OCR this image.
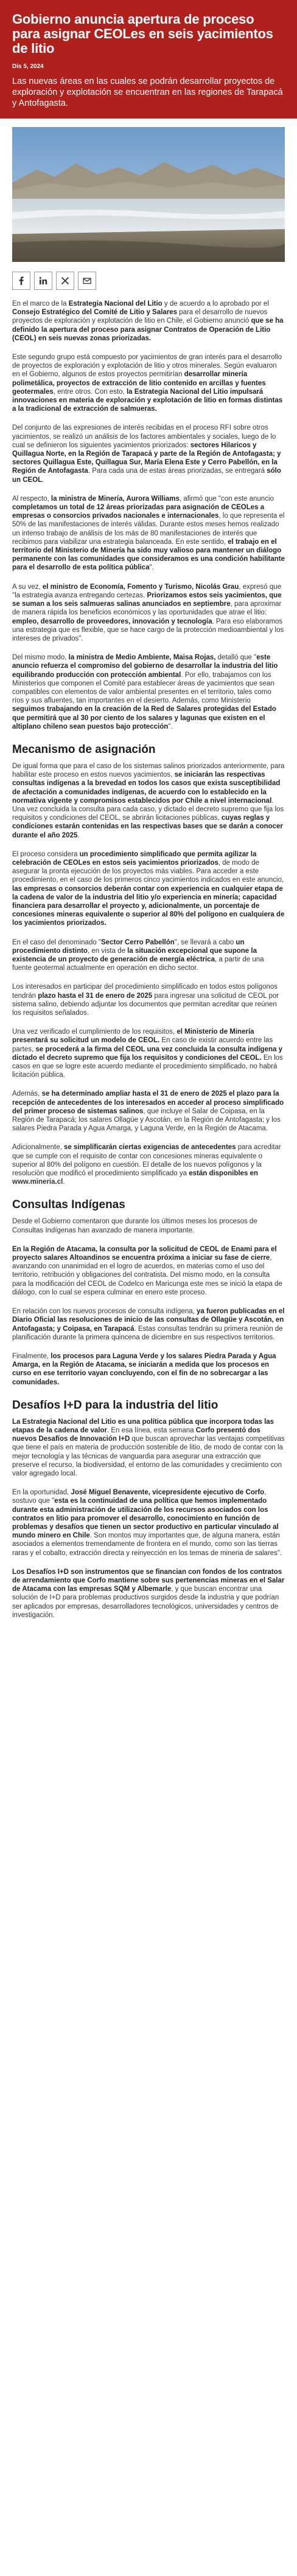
Gobierno anuncia apertura de proceso para asignar CEOLes en seis yacimientos de litio
Dis 5, 2024

Las nuevas áreas en las cuales se podrán desarrollar proyectos de exploración y explotación se encuentran en las regiones de Tarapacá y Antofagasta.

En el marco de la Estrategia Nacional del Litio y de acuerdo a lo aprobado por el Consejo Estratégico del Comité de Litio y Salares para el desarrollo de nuevos proyectos de exploración y explotación de litio en Chile, el Gobierno anunció que se ha definido la apertura del proceso para asignar Contratos de Operación de Litio (CEOL) en seis nuevas zonas priorizadas.

Este segundo grupo está compuesto por yacimientos de gran interés para el desarrollo de proyectos de exploración y explotación de litio y otros minerales. Según evaluaron en el Gobierno, algunos de estos proyectos permitirían desarrollar minería polimetálica, proyectos de extracción de litio contenido en arcillas y fuentes geotermales, entre otros. Con esto, la Estrategia Nacional del Litio impulsará innovaciones en materia de exploración y explotación de litio en formas distintas a la tradicional de extracción de salmueras.

Del conjunto de las expresiones de interés recibidas en el proceso RFI sobre otros yacimientos, se realizó un análisis de los factores ambientales y sociales, luego de lo cual se definieron los siguientes yacimientos priorizados: sectores Hilaricos y Quillagua Norte, en la Región de Tarapacá y parte de la Región de Antofagasta; y sectores Quillagua Este, Quillagua Sur, María Elena Este y Cerro Pabellón, en la Región de Antofagasta. Para cada una de estas áreas priorizadas, se entregará sólo un CEOL.

Al respecto, la ministra de Minería, Aurora Williams, afirmó que "con este anuncio completamos un total de 12 áreas priorizadas para asignación de CEOLes a empresas o consorcios privados nacionales e internacionales, lo que representa el 50% de las manifestaciones de interés válidas. Durante estos meses hemos realizado un intenso trabajo de análisis de los más de 80 manifestaciones de interés que recibimos para viabilizar una estrategia balanceada. En este sentido, el trabajo en el territorio del Ministerio de Minería ha sido muy valioso para mantener un diálogo permanente con las comunidades que consideramos es una condición habilitante para el desarrollo de esta política pública".

A su vez, el ministro de Economía, Fomento y Turismo, Nicolás Grau, expresó que "la estrategia avanza entregando certezas. Priorizamos estos seis yacimientos, que se suman a los seis salmueras salinas anunciados en septiembre, para aproximar de manera rápida los beneficios económicos y las oportunidades que atrae el litio: empleo, desarrollo de proveedores, innovación y tecnología. Para eso elaboramos una estrategia que es flexible, que se hace cargo de la protección medioambiental y los intereses de privados".

Del mismo modo, la ministra de Medio Ambiente, Maisa Rojas, detalló que "este anuncio refuerza el compromiso del gobierno de desarrollar la industria del litio equilibrando producción con protección ambiental. Por ello, trabajamos con los Ministerios que componen el Comité para establecer áreas de yacimientos que sean compatibles con elementos de valor ambiental presentes en el territorio, tales como ríos y sus afluentes, tan importantes en el desierto. Además, como Ministerio seguimos trabajando en la creación de la Red de Salares protegidas del Estado que permitirá que al 30 por ciento de los salares y lagunas que existen en el altiplano chileno sean puestos bajo protección".

Mecanismo de asignación

De igual forma que para el caso de los sistemas salinos priorizados anteriormente, para habilitar este proceso en estos nuevos yacimientos, se iniciarán las respectivas consultas indígenas a la brevedad en todos los casos que exista susceptibilidad de afectación a comunidades indígenas, de acuerdo con lo establecido en la normativa vigente y compromisos establecidos por Chile a nivel internacional. Una vez concluida la consulta para cada caso, y dictado el decreto supremo que fija los requisitos y condiciones del CEOL, se abrirán licitaciones públicas, cuyas reglas y condiciones estarán contenidas en las respectivas bases que se darán a conocer durante el año 2025.

El proceso considera un procedimiento simplificado que permita agilizar la celebración de CEOLes en estos seis yacimientos priorizados, de modo de asegurar la pronta ejecución de los proyectos más viables. Para acceder a este procedimiento, en el caso de los primeros cinco yacimientos indicados en este anuncio, las empresas o consorcios deberán contar con experiencia en cualquier etapa de la cadena de valor de la industria del litio y/o experiencia en minería; capacidad financiera para desarrollar el proyecto y, adicionalmente, un porcentaje de concesiones mineras equivalente o superior al 80% del polígono en cualquiera de los yacimientos priorizados.

En el caso del denominado "Sector Cerro Pabellón", se llevará a cabo un procedimiento distinto, en vista de la situación excepcional que supone la existencia de un proyecto de generación de energía eléctrica, a partir de una fuente geotermal actualmente en operación en dicho sector.

Los interesados en participar del procedimiento simplificado en todos estos polígonos tendrán plazo hasta el 31 de enero de 2025 para ingresar una solicitud de CEOL por sistema salino, debiendo adjuntar los documentos que permitan acreditar que reúnen los requisitos señalados.

Una vez verificado el cumplimiento de los requisitos, el Ministerio de Minería presentará su solicitud un modelo de CEOL. En caso de existir acuerdo entre las partes, se procederá a la firma del CEOL una vez concluida la consulta indígena y dictado el decreto supremo que fija los requisitos y condiciones del CEOL. En los casos en que se logre este acuerdo mediante el procedimiento simplificado, no habrá licitación pública.

Además, se ha determinado ampliar hasta el 31 de enero de 2025 el plazo para la recepción de antecedentes de los interesados en acceder al proceso simplificado del primer proceso de sistemas salinos, que incluye el Salar de Coipasa, en la Región de Tarapacá; los salares Ollagüe y Ascotán, en la Región de Antofagasta; y los salares Piedra Parada y Agua Amarga, y Laguna Verde, en la Región de Atacama.

Adicionalmente, se simplificarán ciertas exigencias de antecedentes para acreditar que se cumple con el requisito de contar con concesiones mineras equivalente o superior al 80% del polígono en cuestión. El detalle de los nuevos polígonos y la resolución que modificó el procedimiento simplificado ya están disponibles en www.mineria.cl.

Consultas Indígenas

Desde el Gobierno comentaron que durante los últimos meses los procesos de Consultas Indígenas han avanzado de manera importante.

En la Región de Atacama, la consulta por la solicitud de CEOL de Enami para el proyecto salares Altoandinos se encuentra próxima a iniciar su fase de cierre, avanzando con unanimidad en el logro de acuerdos, en materias como el uso del territorio, retribución y obligaciones del contratista. Del mismo modo, en la consulta para la modificación del CEOL de Codelco en Maricunga este mes se inició la etapa de diálogo, con lo cual se espera culminar en enero este proceso.

En relación con los nuevos procesos de consulta indígena, ya fueron publicadas en el Diario Oficial las resoluciones de inicio de las consultas de Ollagüe y Ascotán, en Antofagasta; y Coipasa, en Tarapacá. Estas consultas tendrán su primera reunión de planificación durante la primera quincena de diciembre en sus respectivos territorios.

Finalmente, los procesos para Laguna Verde y los salares Piedra Parada y Agua Amarga, en la Región de Atacama, se iniciarán a medida que los procesos en curso en ese territorio vayan concluyendo, con el fin de no sobrecargar a las comunidades.

Desafíos I+D para la industria del litio

La Estrategia Nacional del Litio es una política pública que incorpora todas las etapas de la cadena de valor. En esa línea, esta semana Corfo presentó dos nuevos Desafíos de Innovación I+D que buscan aprovechar las ventajas competitivas que tiene el país en materia de producción sostenible de litio, de modo de contar con la mejor tecnología y las técnicas de vanguardia para asegurar una extracción que preserve el recurso, la biodiversidad, el entorno de las comunidades y creciimiento con valor agregado local.

En la oportunidad, José Miguel Benavente, vicepresidente ejecutivo de Corfo, sostuvo que "esta es la continuidad de una política que hemos implementado durante esta administración de utilización de los recursos asociados con los contratos en litio para promover el desarrollo, conocimiento en función de problemas y desafíos que tienen un sector productivo en particular vinculado al mundo minero en Chile. Son montos muy importantes que, de alguna manera, están asociados a elementos tremendamente de frontera en el mundo, como son las tierras raras y el cobalto, extracción directa y reinyección en los temas de mineria de salares".

Los Desafíos I+D son instrumentos que se financian con fondos de los contratos de arrendamiento que Corfo mantiene sobre sus pertenencias mineras en el Salar de Atacama con las empresas SQM y Albemarle, y que buscan encontrar una solución de I+D para problemas productivos surgidos desde la industria y que podrían ser aplicados por empresas, desarrolladores tecnológicos, universidades y centros de investigación.
